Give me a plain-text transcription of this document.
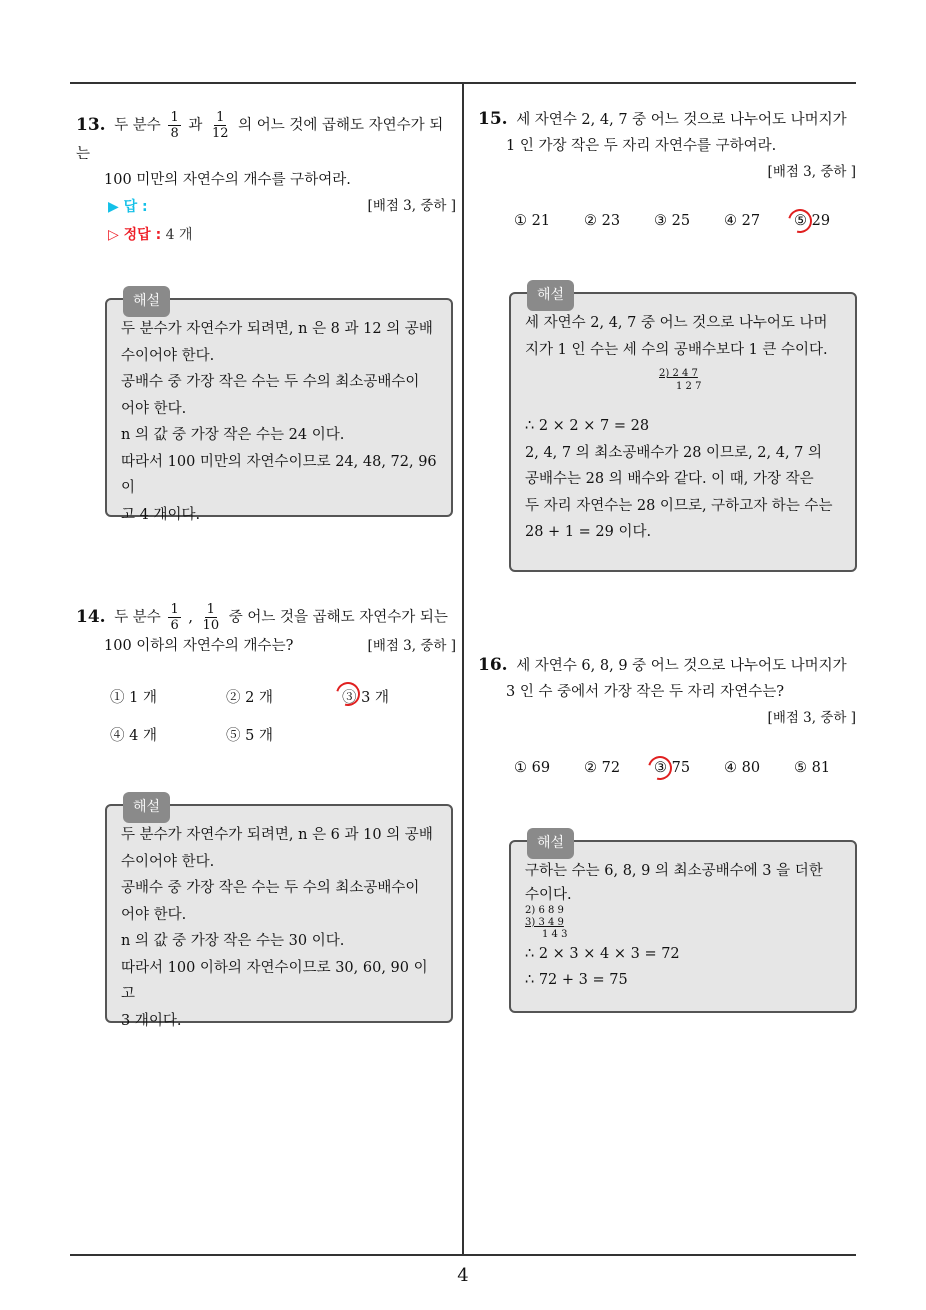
13. 두 분수 $\frac{1}{8}$ 과 $\frac{1}{12}$ 의 어느 것에 곱해도 자연수가 되는
100 미만의 자연수의 개수를 구하여라.
[배점 3, 중하 ]
▶ 답 :
▷ 정답 : 4 개
해설
두 분수가 자연수가 되려면, n 은 8 과 12 의 공배
수이어야 한다.
공배수 중 가장 작은 수는 두 수의 최소공배수이
어야 한다.
n 의 값 중 가장 작은 수는 24 이다.
따라서 100 미만의 자연수이므로 24, 48, 72, 96 이
고 4 개이다.
14. 두 분수 $\frac{1}{6}$ , $\frac{1}{10}$ 중 어느 것을 곱해도 자연수가 되는
100 이하의 자연수의 개수는?	[배점 3, 중하 ]
① 1 개	② 2 개	③ 3 개
④ 4 개	⑤ 5 개
해설
두 분수가 자연수가 되려면, n 은 6 과 10 의 공배
수이어야 한다.
공배수 중 가장 작은 수는 두 수의 최소공배수이
어야 한다.
n 의 값 중 가장 작은 수는 30 이다.
따라서 100 이하의 자연수이므로 30, 60, 90 이고
3 개이다.
15. 세 자연수 2, 4, 7 중 어느 것으로 나누어도 나머지가
1 인 가장 작은 두 자리 자연수를 구하여라.
[배점 3, 중하 ]
① 21 ② 23 ③ 25 ④ 27 ⑤ 29
해설
세 자연수 2, 4, 7 중 어느 것으로 나누어도 나머
지가 1 인 수는 세 수의 공배수보다 1 큰 수이다.
2) 2 4 7
1 2 7
∴ 2 × 2 × 7 = 28
2, 4, 7 의 최소공배수가 28 이므로, 2, 4, 7 의
공배수는 28 의 배수와 같다. 이 때, 가장 작은
두 자리 자연수는 28 이므로, 구하고자 하는 수는
28 + 1 = 29 이다.
16. 세 자연수 6, 8, 9 중 어느 것으로 나누어도 나머지가
3 인 수 중에서 가장 작은 두 자리 자연수는?
[배점 3, 중하 ]
① 69 ② 72 ③ 75 ④ 80 ⑤ 81
해설
구하는 수는 6, 8, 9 의 최소공배수에 3 을 더한
수이다.
2) 6 8 9
3) 3 4 9
1 4 3
∴ 2 × 3 × 4 × 3 = 72
∴ 72 + 3 = 75
4
